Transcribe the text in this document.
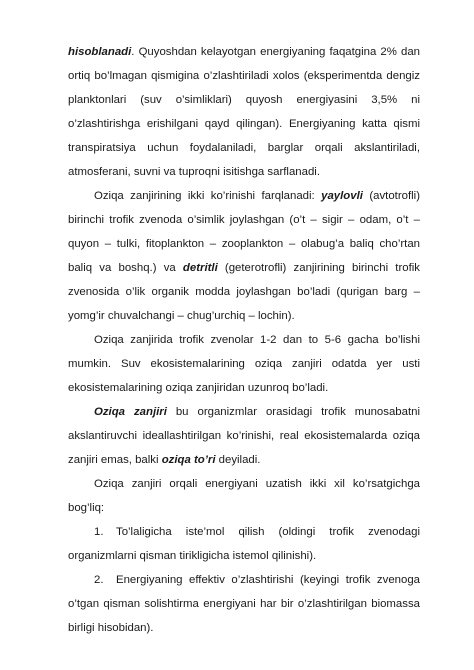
hisoblanadi. Quyoshdan kelayotgan energiyaning faqatgina 2% dan ortiq bo’lmagan qismigina o’zlashtiriladi xolos (eksperimentda dengiz planktonlari (suv o’simliklari) quyosh energiyasini 3,5% ni o’zlashtirishga erishilgani qayd qilingan). Energiyaning katta qismi transpiratsiya uchun foydalaniladi, barglar orqali akslantiriladi, atmosferani, suvni va tuproqni isitishga sarflanadi.

Oziqa zanjirining ikki ko’rinishi farqlanadi: yaylovli (avtotrofli) birinchi trofik zvenoda o’simlik joylashgan (o’t – sigir – odam, o’t – quyon – tulki, fitoplankton – zooplankton – olabug’a baliq cho’rtan baliq va boshq.) va detritli (geterotrofli) zanjirining birinchi trofik zvenosida o’lik organik modda joylashgan bo’ladi (qurigan barg – yomg’ir chuvalchangi – chug’urchiq – lochin).

Oziqa zanjirida trofik zvenolar 1-2 dan to 5-6 gacha bo’lishi mumkin. Suv ekosistemalarining oziqa zanjiri odatda yer usti ekosistemalarining oziqa zanjiridan uzunroq bo’ladi.

Oziqa zanjiri bu organizmlar orasidagi trofik munosabatni akslantiruvchi ideallashtirilgan ko’rinishi, real ekosistemalarda oziqa zanjiri emas, balki oziqa to’ri deyiladi.

Oziqa zanjiri orqali energiyani uzatish ikki xil ko’rsatgichga bog’liq:

1.	To’laligicha iste’mol qilish (oldingi trofik zvenodagi organizmlarni qisman tirikligicha istemol qilinishi).

2.	Energiyaning effektiv o’zlashtirishi (keyingi trofik zvenoga o’tgan qisman solishtirma energiyani har bir o’zlashtirilgan biomassa birligi hisobidan).
